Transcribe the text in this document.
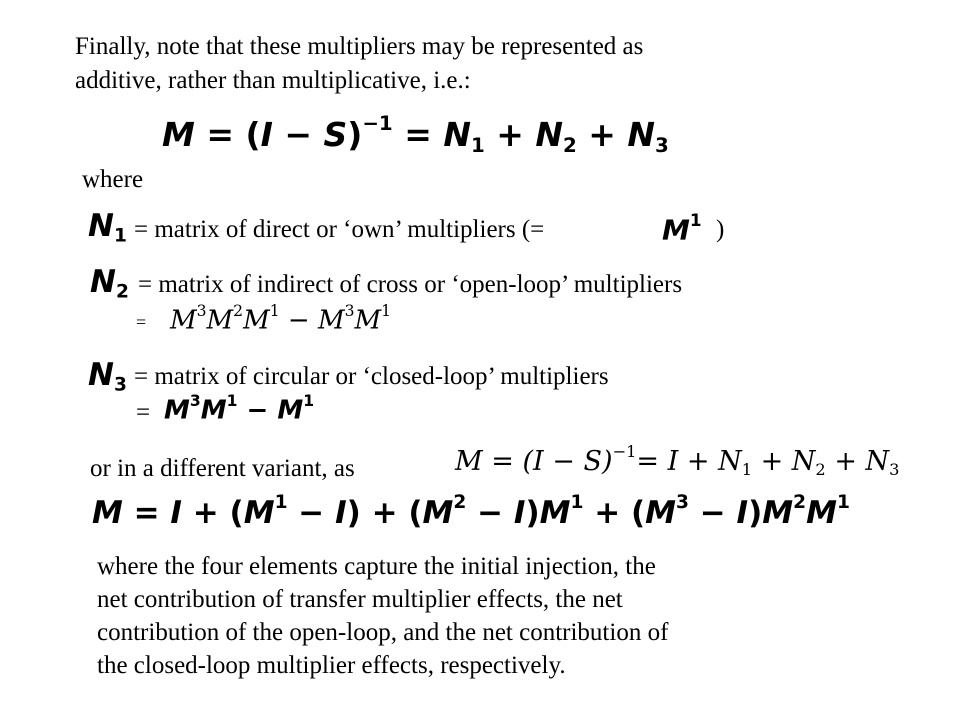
Finally, note that these multipliers may be represented as

additive, rather than multiplicative, i.e.:

$M = (I - S)^{-1} = N_1 + N_2 + N_3$

where

$N_1$ = matrix of direct or ‘own’ multipliers (=	$M^1$ )

$N_2$ = matrix of indirect of cross or ‘open-loop’ multipliers

= $M^3M^2M^1 - M^3M^1$
$N_3$ = matrix of circular or ‘closed-loop’ multipliers

= $M^3M^1 - M^1$

or in a different variant, as	$M = (I - S)^{-1}= I + N_1 + N_2 + N_3$
$M = I + (M^1 - I) + (M^2 - I)M^1 + (M^3 - I)M^2M^1$
where the four elements capture the initial injection, the
net contribution of transfer multiplier effects, the net
contribution of the open-loop, and the net contribution of
the closed-loop multiplier effects, respectively.
